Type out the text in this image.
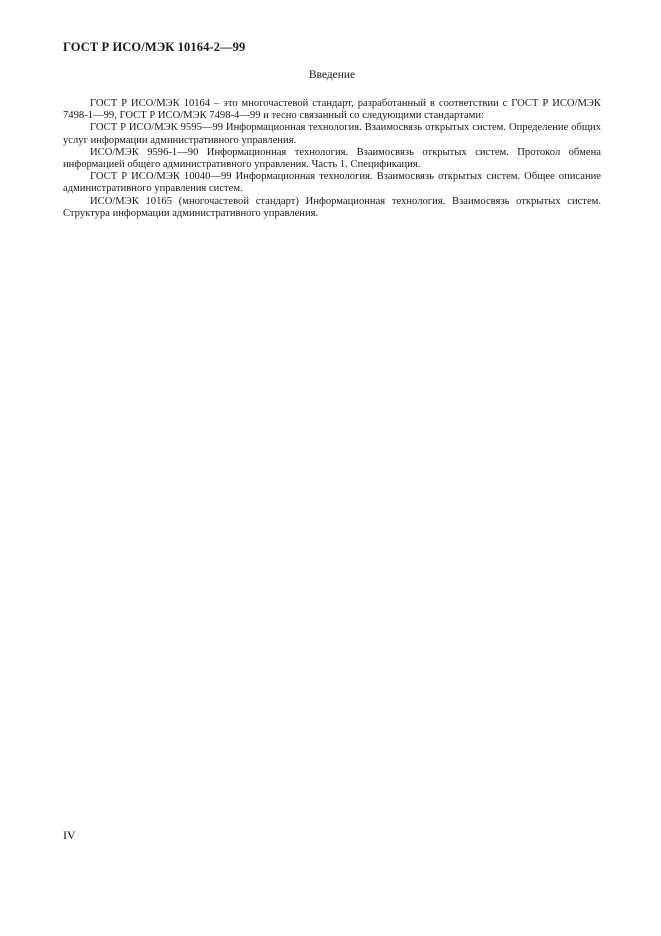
ГОСТ Р ИСО/МЭК 10164-2—99
Введение

ГОСТ Р ИСО/МЭК 10164 – это многочастевой стандарт, разработанный в соответствии с ГОСТ Р ИСО/МЭК 7498-1—99, ГОСТ Р ИСО/МЭК 7498-4—99 и тесно связанный со следующими стандартами:

ГОСТ Р ИСО/МЭК 9595—99 Информационная технология. Взаимосвязь открытых систем. Определение общих услуг информации административного управления.

ИСО/МЭК 9596-1—90 Информационная технология. Взаимосвязь открытых систем. Протокол обмена информацией общего административного управления. Часть 1. Спецификация.

ГОСТ Р ИСО/МЭК 10040—99 Информационная технология. Взаимосвязь открытых систем. Общее описание административного управления систем.

ИСО/МЭК 10165 (многочастевой стандарт) Информационная технология. Взаимосвязь открытых систем. Структура информации административного управления.

IV
